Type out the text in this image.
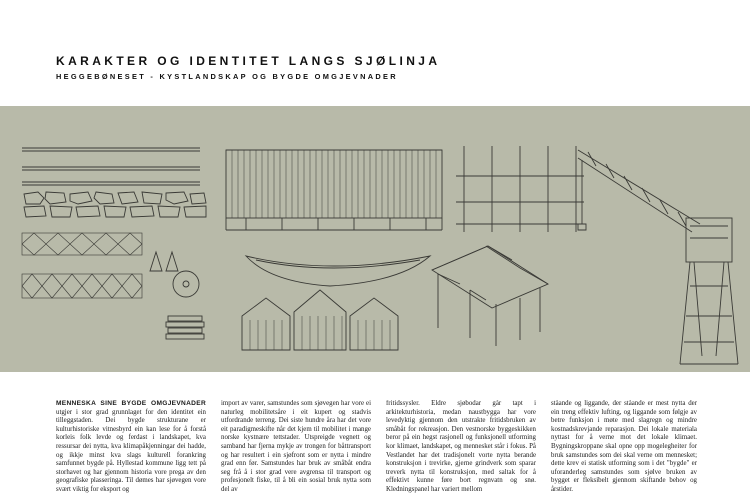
KARAKTER OG IDENTITET LANGS SJØLINJA
HEGGEBØNESET - KYSTLANDSKAP OG BYGDE OMGJEVNADER
MENNESKA SINE BYGDE OMGJEVNADER utgjer i stor grad grunnlaget for den identitet ein tilleggstaden. Dei bygde strukturane er kulturhistoriske vitnesbyrd ein kan lese for å forstå korleis folk levde og ferdast i landskapet, kva ressursar dei nytta, kva klimapåkjenningar dei hadde, og ikkje minst kva slags kulturell forankring samfunnet bygde på. Hyllestad kommune ligg tett på storhavet og har gjennom historia vore prega av den geografiske plasseringa. Til dømes har sjøvegen vore svært viktig for eksport og
import av varer, samstundes som sjøvegen har vore ei naturleg mobilitetsåre i eit kupert og stadvis utfordrande terreng. Dei siste hundre åra har det vore eit paradigmeskifte når det kjem til mobilitet i mange norske kystnære tettstader. Utspreigde vegnett og samband har fjerna mykje av trongen for båttransport og har resultert i ein sjøfront som er nytta i mindre grad enn før. Samstundes har bruk av småbåt endra seg frå å i stor grad vere avgrensa til transport og profesjonelt fiske, til å bli ein sosial bruk nytta som del av
fritidssysler. Eldre sjøbodar går tapt i arkitekturhistoria, medan naustbygga har vore levedyktig gjennom den utstrakte fritidsbruken av småbåt for rekreasjon. Den vestnorske byggeskikken beror på ein hegst rasjonell og funksjonell utforming kor klimaet, landskapet, og mennesket står i fokus. På Vestlandet har det tradisjonelt vorte nytta berande konstruksjon i trevirke, gjerne grindverk som sparar treverk nytta til konstruksjon, med saltak for å effektivt kunne føre bort regnvatn og snø. Kledningspanel har variert mellom
ståande og liggande, der ståande er mest nytta der ein treng effektiv lufting, og liggande som følgje av betre funksjon i møte med slagregn og mindre kostnadskrevjande reparasjon. Dei lokale materiala nyttast for å verne mot det lokale klimaet. Bygningskroppane skal opne opp mogelegheiter for bruk samstundes som dei skal verne om mennesket; dette krev ei statisk utforming som i det "bygde" er uforanderleg samstundes som sjølve bruken av bygget er fleksibelt gjennom skiftande behov og årstider.
